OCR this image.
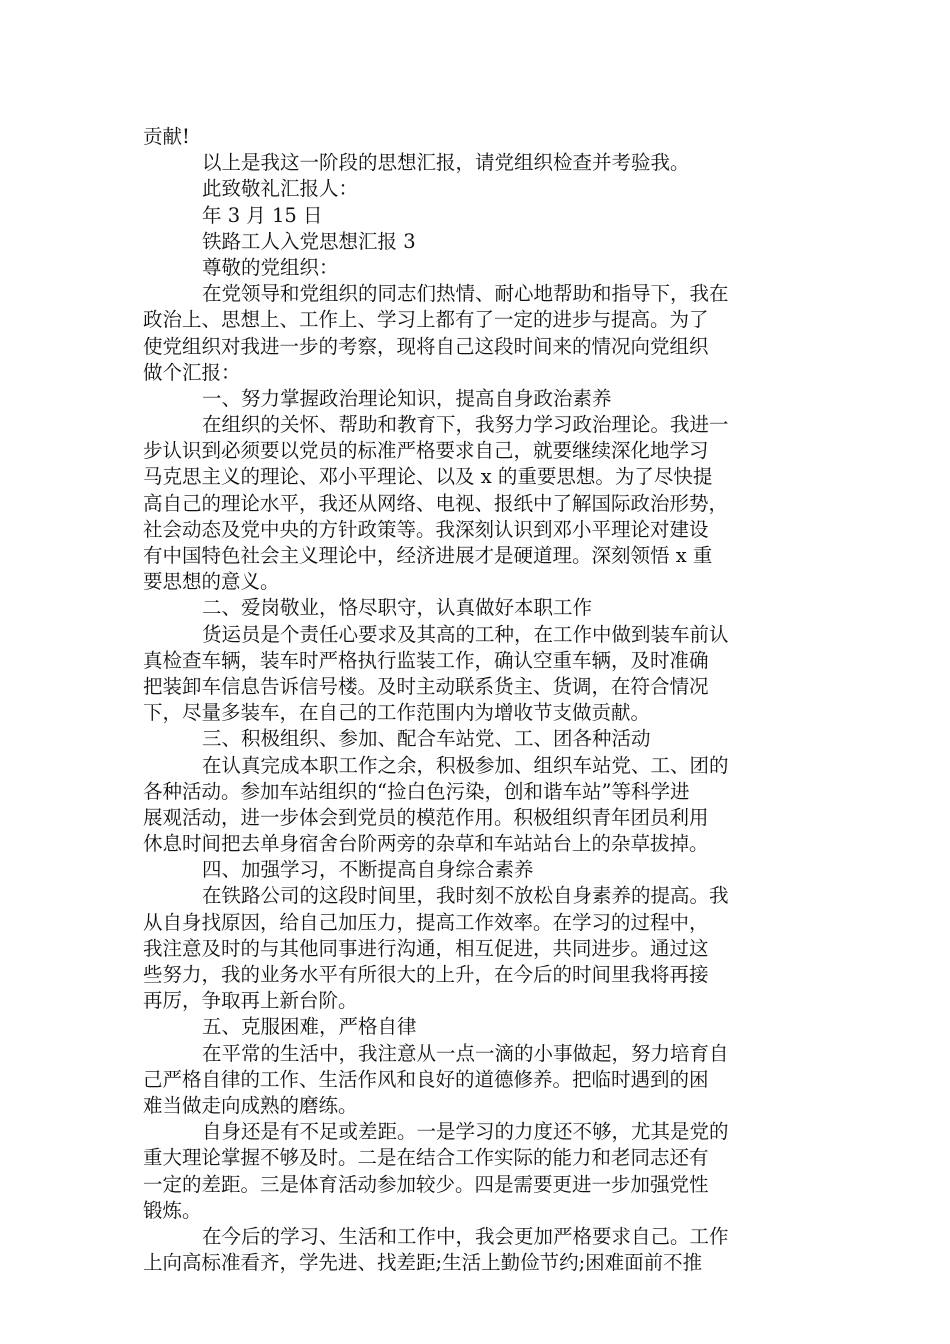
贡献!

以上是我这一阶段的思想汇报，请党组织检查并考验我。

此致敬礼汇报人：

年 3 月 15 日

铁路工人入党思想汇报 3

尊敬的党组织：

在党领导和党组织的同志们热情、耐心地帮助和指导下，我在

政治上、思想上、工作上、学习上都有了一定的进步与提高。为了

使党组织对我进一步的考察，现将自己这段时间来的情况向党组织

做个汇报：

一、努力掌握政治理论知识，提高自身政治素养

在组织的关怀、帮助和教育下，我努力学习政治理论。我进一

步认识到必须要以党员的标准严格要求自己，就要继续深化地学习

马克思主义的理论、邓小平理论、以及 x 的重要思想。为了尽快提

高自己的理论水平，我还从网络、电视、报纸中了解国际政治形势，

社会动态及党中央的方针政策等。我深刻认识到邓小平理论对建设

有中国特色社会主义理论中，经济进展才是硬道理。深刻领悟 x 重

要思想的意义。

二、爱岗敬业，恪尽职守，认真做好本职工作

货运员是个责任心要求及其高的工种，在工作中做到装车前认

真检查车辆，装车时严格执行监装工作，确认空重车辆，及时准确

把装卸车信息告诉信号楼。及时主动联系货主、货调，在符合情况

下，尽量多装车，在自己的工作范围内为增收节支做贡献。

三、积极组织、参加、配合车站党、工、团各种活动

在认真完成本职工作之余，积极参加、组织车站党、工、团的

各种活动。参加车站组织的“捡白色污染，创和谐车站”等科学进

展观活动，进一步体会到党员的模范作用。积极组织青年团员利用

休息时间把去单身宿舍台阶两旁的杂草和车站站台上的杂草拔掉。

四、加强学习，不断提高自身综合素养

在铁路公司的这段时间里，我时刻不放松自身素养的提高。我

从自身找原因，给自己加压力，提高工作效率。在学习的过程中，

我注意及时的与其他同事进行沟通，相互促进，共同进步。通过这

些努力，我的业务水平有所很大的上升，在今后的时间里我将再接

再厉，争取再上新台阶。

五、克服困难，严格自律

在平常的生活中，我注意从一点一滴的小事做起，努力培育自

己严格自律的工作、生活作风和良好的道德修养。把临时遇到的困

难当做走向成熟的磨练。

自身还是有不足或差距。一是学习的力度还不够，尤其是党的

重大理论掌握不够及时。二是在结合工作实际的能力和老同志还有

一定的差距。三是体育活动参加较少。四是需要更进一步加强党性

锻炼。

在今后的学习、生活和工作中，我会更加严格要求自己。工作

上向高标准看齐，学先进、找差距;生活上勤俭节约;困难面前不推
